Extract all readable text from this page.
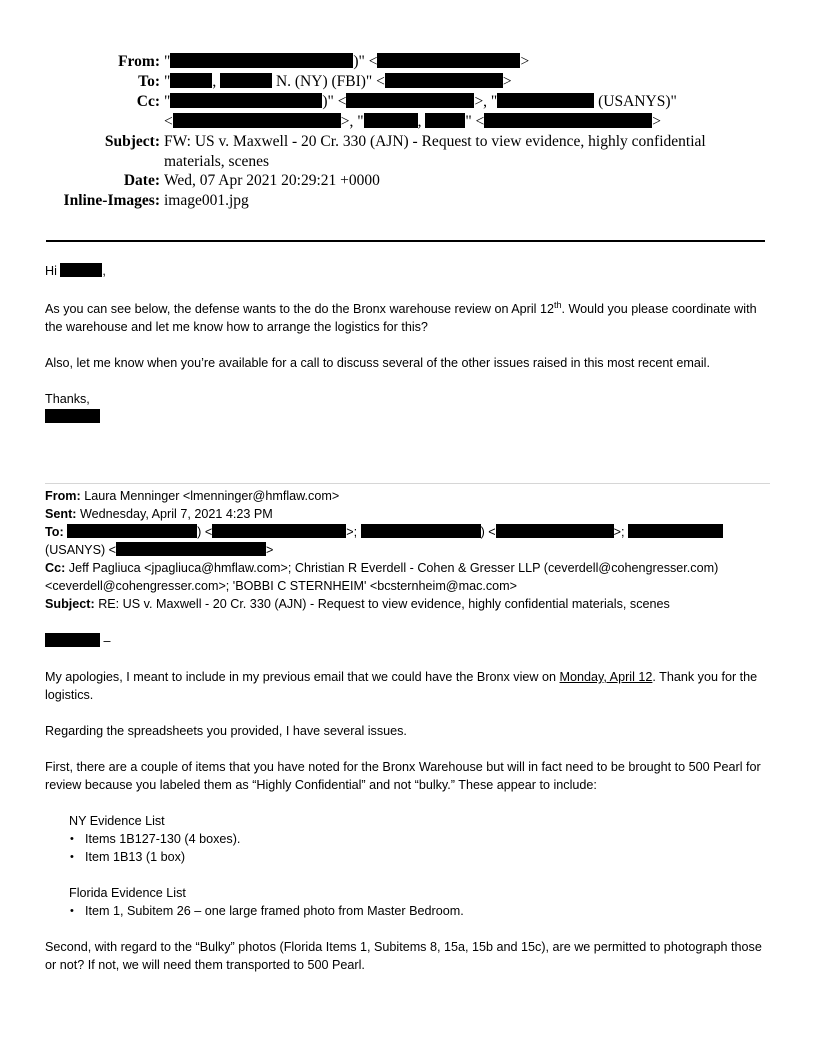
From: "	)" <	>
To: "	,	N. (NY) (FBI)" <	>
Cc: "	)" <	>, "	(USANYS)"
<	>, "	,	" <	>
Subject: FW: US v. Maxwell - 20 Cr. 330 (AJN) - Request to view evidence, highly confidential
materials, scenes
Date: Wed, 07 Apr 2021 20:29:21 +0000
Inline-Images: image001.jpg

Hi	,

As you can see below, the defense wants to the do the Bronx warehouse review on April 12th. Would you please coordinate with the warehouse and let me know how to arrange the logistics for this?

Also, let me know when you’re available for a call to discuss several of the other issues raised in this most recent email.

Thanks,

From: Laura Menninger <lmenninger@hmflaw.com>
Sent: Wednesday, April 7, 2021 4:23 PM
To:	) <	>;	) <	>;
(USANYS) <	>
Cc: Jeff Pagliuca <jpagliuca@hmflaw.com>; Christian R Everdell - Cohen & Gresser LLP (ceverdell@cohengresser.com)
<ceverdell@cohengresser.com>; 'BOBBI C STERNHEIM' <bcsternheim@mac.com>
Subject: RE: US v. Maxwell - 20 Cr. 330 (AJN) - Request to view evidence, highly confidential materials, scenes

–

My apologies, I meant to include in my previous email that we could have the Bronx view on Monday, April 12. Thank you for the logistics.

Regarding the spreadsheets you provided, I have several issues.

First, there are a couple of items that you have noted for the Bronx Warehouse but will in fact need to be brought to 500 Pearl for review because you labeled them as “Highly Confidential” and not “bulky.” These appear to include:

NY Evidence List

• Items 1B127-130 (4 boxes).
• Item 1B13 (1 box)

Florida Evidence List

• Item 1, Subitem 26 – one large framed photo from Master Bedroom.

Second, with regard to the “Bulky” photos (Florida Items 1, Subitems 8, 15a, 15b and 15c), are we permitted to photograph those or not? If not, we will need them transported to 500 Pearl.
